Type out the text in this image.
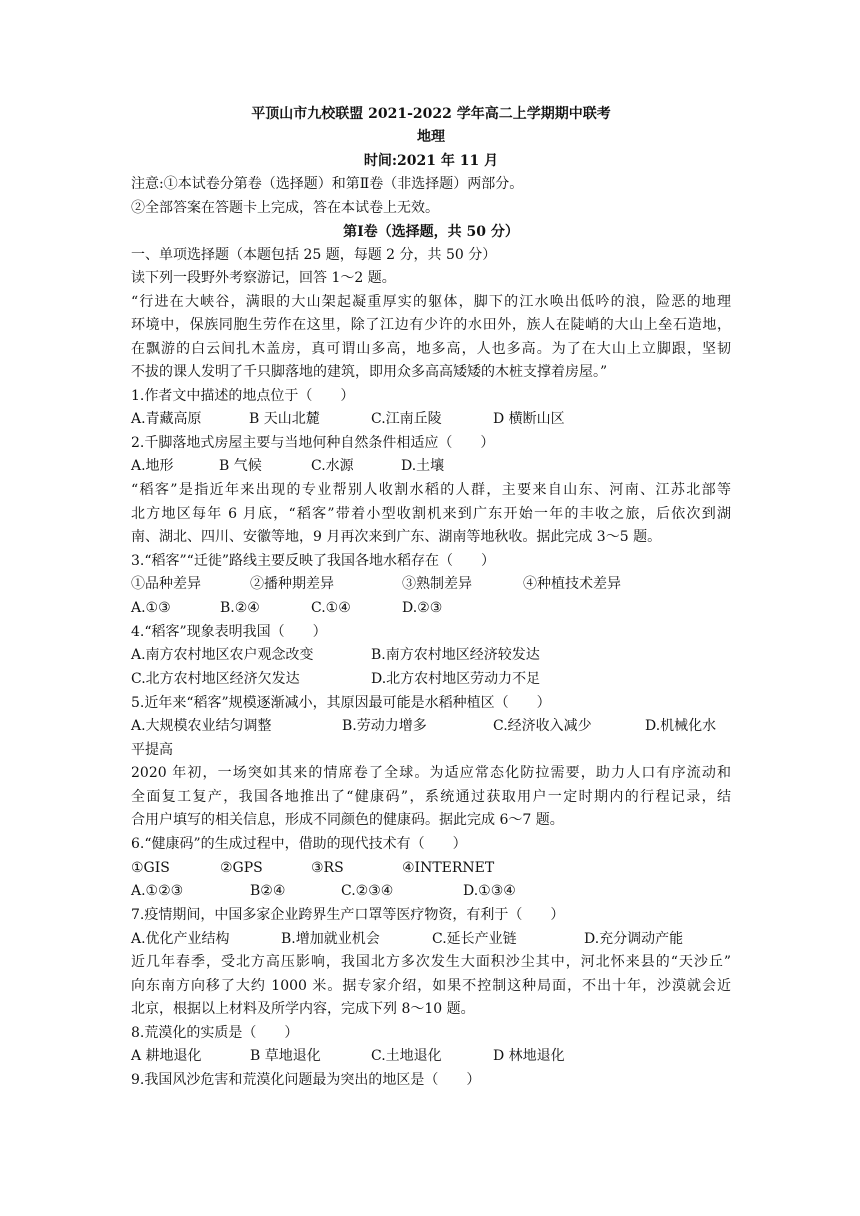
平顶山市九校联盟 2021-2022 学年高二上学期期中联考
地理
时间:2021 年 11 月
注意:①本试卷分第卷（选择题）和第Ⅱ卷（非选择题）两部分。
②全部答案在答题卡上完成，答在本试卷上无效。
第Ⅰ卷（选择题，共 50 分）
一、单项选择题（本题包括 25 题，每题 2 分，共 50 分）
读下列一段野外考察游记，回答 1～2 题。
“行进在大峡谷，满眼的大山架起凝重厚实的躯体，脚下的江水唤出低吟的浪，险恶的地理
环境中，保族同胞生劳作在这里，除了江边有少许的水田外，族人在陡峭的大山上垒石造地，
在飘游的白云间扎木盖房，真可谓山多高，地多高，人也多高。为了在大山上立脚跟，坚韧
不拔的课人发明了千只脚落地的建筑，即用众多高高矮矮的木桩支撑着房屋。”
1.作者文中描述的地点位于（　　）
A.青藏高原	B 天山北麓	C.江南丘陵	D 横断山区
2.千脚落地式房屋主要与当地何种自然条件相适应（　　）
A.地形	B 气候	C.水源	D.土壤
“稻客”是指近年来出现的专业帮别人收割水稻的人群，主要来自山东、河南、江苏北部等
北方地区每年 6 月底，“稻客”带着小型收割机来到广东开始一年的丰收之旅，后依次到湖
南、湖北、四川、安徽等地，9 月再次来到广东、湖南等地秋收。据此完成 3～5 题。
3.“稻客”“迁徙”路线主要反映了我国各地水稻存在（　　）
①品种差异	②播种期差异	③熟制差异	④种植技术差异
A.①③	B.②④	C.①④	D.②③
4.“稻客”现象表明我国（　　）
A.南方农村地区农户观念改变	B.南方农村地区经济较发达
C.北方农村地区经济欠发达	D.北方农村地区劳动力不足
5.近年来“稻客”规模逐渐减小，其原因最可能是水稻种植区（　　）
A.大规模农业结匀调整	B.劳动力增多	C.经济收入减少	D.机械化水
平提高
2020 年初，一场突如其来的情席卷了全球。为适应常态化防拉需要，助力人口有序流动和
全面复工复产，我国各地推出了“健康码”，系统通过获取用户一定时期内的行程记录，结
合用户填写的相关信息，形成不同颜色的健康码。据此完成 6～7 题。
6.“健康码”的生成过程中，借助的现代技术有（　　）
①GIS	②GPS	③RS	④INTERNET
A.①②③	B②④	C.②③④	D.①③④
7.疫情期间，中国多家企业跨界生产口罩等医疗物资，有利于（　　）
A.优化产业结构	B.增加就业机会	C.延长产业链	D.充分调动产能
近几年春季，受北方高压影响，我国北方多次发生大面积沙尘其中，河北怀来县的“天沙丘”
向东南方向移了大约 1000 米。据专家介绍，如果不控制这种局面，不出十年，沙漠就会近
北京，根据以上材料及所学内容，完成下列 8～10 题。
8.荒漠化的实质是（　　）
A 耕地退化	B 草地退化	C.土地退化	D 林地退化
9.我国风沙危害和荒漠化问题最为突出的地区是（　　）
